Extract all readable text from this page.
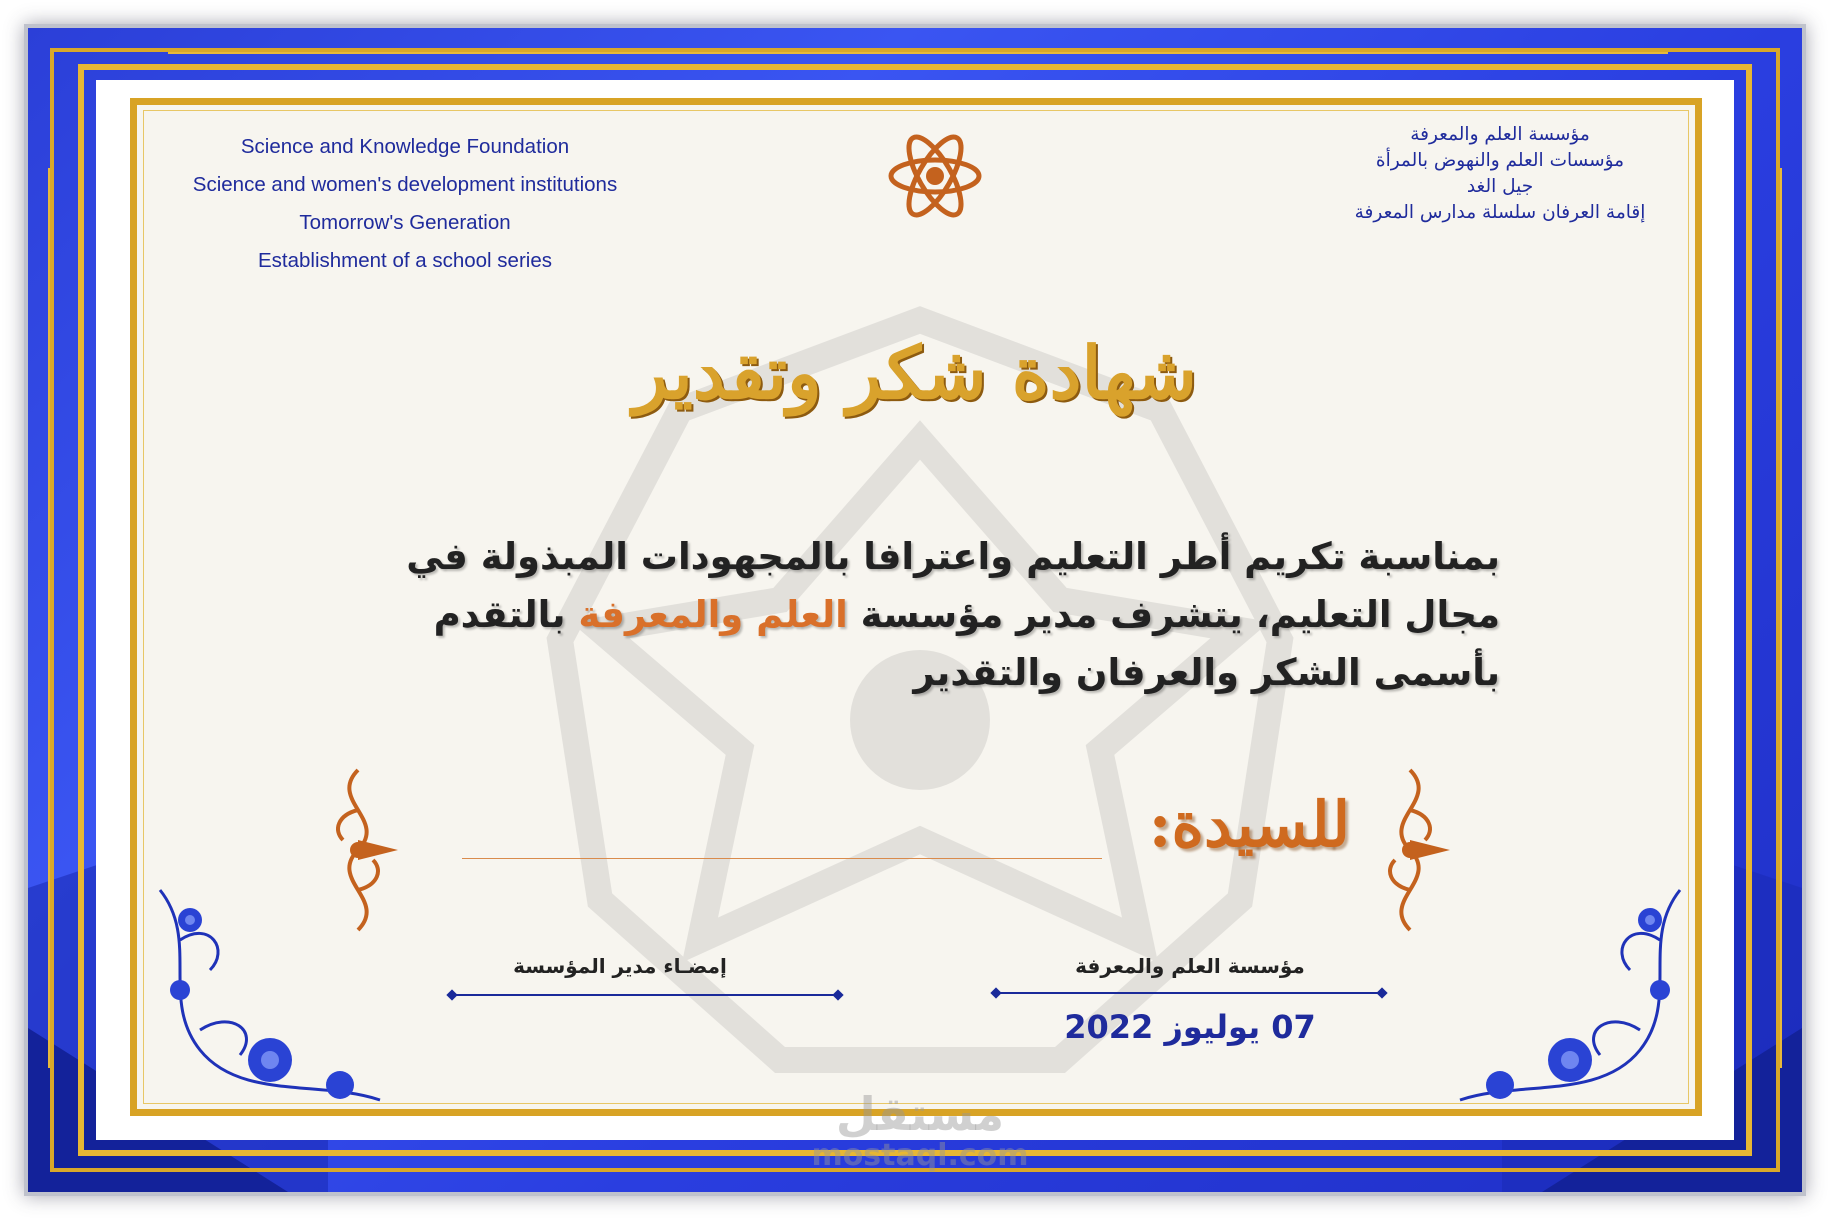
Science and Knowledge Foundation
Science and women's development institutions
Tomorrow's Generation
Establishment of a school series
مؤسسة العلم والمعرفة
مؤسسات العلم والنهوض بالمرأة
جيل الغد
إقامة العرفان سلسلة مدارس المعرفة
شهادة شكر وتقدير
بمناسبة تكريم أطر التعليم واعترافا بالمجهودات المبذولة في مجال التعليم، يتشرف مدير مؤسسة العلم والمعرفة بالتقدم بأسمى الشكر والعرفان والتقدير
للسيدة:
إمضـاء مدير المؤسسة	مؤسسة العلم والمعرفة
07 يوليوز 2022
مستقل
mostaql.com
